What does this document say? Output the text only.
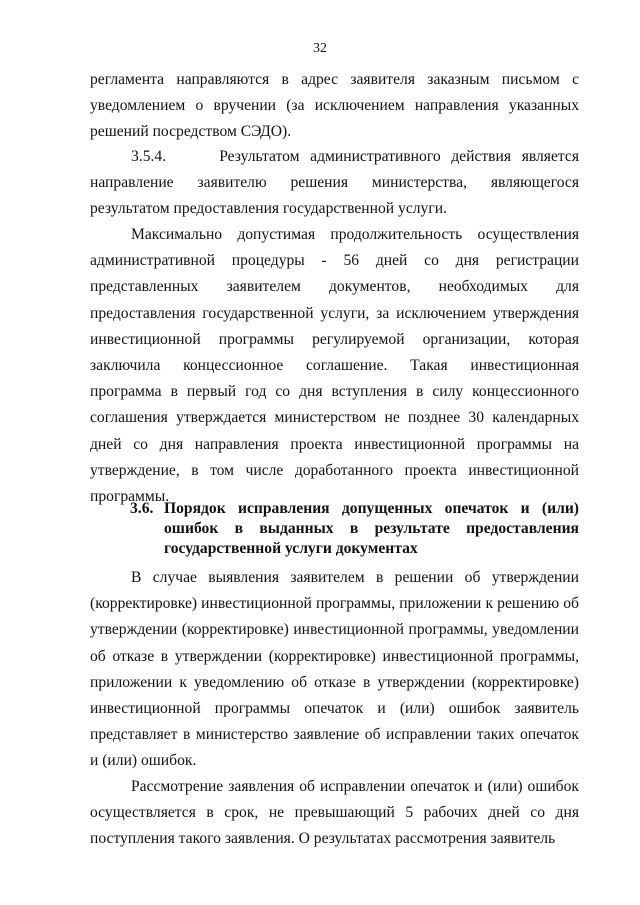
32

регламента направляются в адрес заявителя заказным письмом с уведомлением о вручении (за исключением направления указанных решений посредством СЭДО).

3.5.4.     Результатом административного действия является направление заявителю решения министерства, являющегося результатом предоставления государственной услуги.

Максимально допустимая продолжительность осуществления административной процедуры - 56 дней со дня регистрации представленных заявителем документов, необходимых для предоставления государственной услуги, за исключением утверждения инвестиционной программы регулируемой организации, которая заключила концессионное соглашение. Такая инвестиционная программа в первый год со дня вступления в силу концессионного соглашения утверждается министерством не позднее 30 календарных дней со дня направления проекта инвестиционной программы на утверждение, в том числе доработанного проекта инвестиционной программы.

3.6. Порядок исправления допущенных опечаток и (или) ошибок в выданных в результате предоставления государственной услуги документах

В случае выявления заявителем в решении об утверждении (корректировке) инвестиционной программы, приложении к решению об утверждении (корректировке) инвестиционной программы, уведомлении об отказе в утверждении (корректировке) инвестиционной программы, приложении к уведомлению об отказе в утверждении (корректировке) инвестиционной программы опечаток и (или) ошибок заявитель представляет в министерство заявление об исправлении таких опечаток и (или) ошибок.

Рассмотрение заявления об исправлении опечаток и (или) ошибок осуществляется в срок, не превышающий 5 рабочих дней со дня поступления такого заявления. О результатах рассмотрения заявитель
